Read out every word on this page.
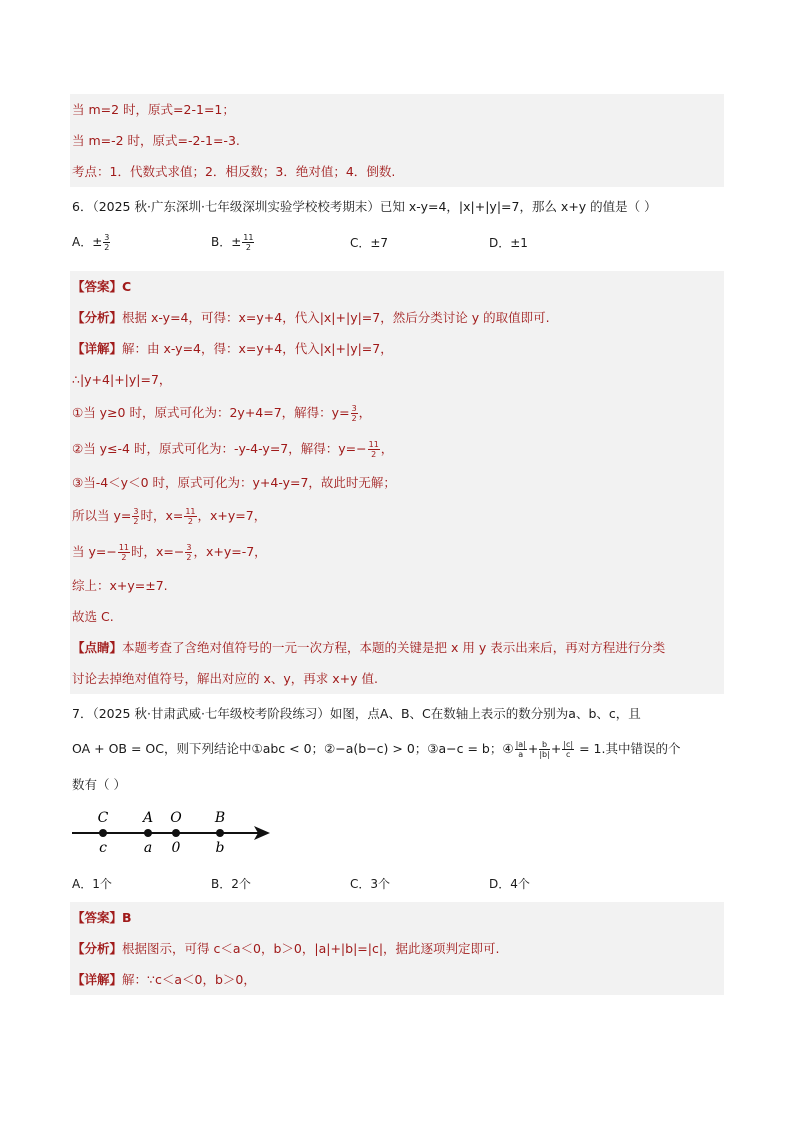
当 m=2 时，原式=2-1=1；
当 m=-2 时，原式=-2-1=-3.
考点：1．代数式求值；2．相反数；3．绝对值；4．倒数.
6．（2025 秋·广东深圳·七年级深圳实验学校校考期末）已知 x-y=4，|x|+|y|=7，那么 x+y 的值是（ ）
A．± $\frac{3}{2}$	B．± $\frac{11}{2}$	C．±7	D．±1
【答案】C
【分析】根据 x-y=4，可得：x=y+4，代入|x|+|y|=7，然后分类讨论 y 的取值即可.
【详解】解：由 x-y=4，得：x=y+4，代入|x|+|y|=7，
∴|y+4|+|y|=7，
①当 y≥0 时，原式可化为：2y+4=7，解得：$y= \frac{3}{2}$ ，
②当 y≤-4 时，原式可化为：-y-4-y=7，解得：$y=- \frac{11}{2}$ ，
③当-4＜y＜0 时，原式可化为：y+4-y=7，故此时无解；
所以当 $y= \frac{3}{2}$ 时，$x= \frac{11}{2}$ ，x+y=7，
当 $y=- \frac{11}{2}$ 时，$x=- \frac{3}{2}$ ，x+y=-7，
综上：x+y=±7.
故选 C.
【点睛】本题考查了含绝对值符号的一元一次方程，本题的关键是把 x 用 y 表示出来后，再对方程进行分类
讨论去掉绝对值符号，解出对应的 x、y，再求 x+y 值.
7．（2025 秋·甘肃武威·七年级校考阶段练习）如图，点A、B、C在数轴上表示的数分别为a、b、c，且
OA + OB = OC，则下列结论中①abc < 0；②−a(b−c) > 0；③a−c = b；④ $\frac{|a|}{a} + \frac{b}{|b|} + \frac{|c|}{c} = 1$.其中错误的个
数有（ ）
C A O B
c	a 0	b
A．1个	B．2个	C．3个	D．4个
【答案】B
【分析】根据图示，可得 c＜a＜0，b＞0，|a|+|b|=|c|，据此逐项判定即可.
【详解】解：∵c＜a＜0，b＞0，
